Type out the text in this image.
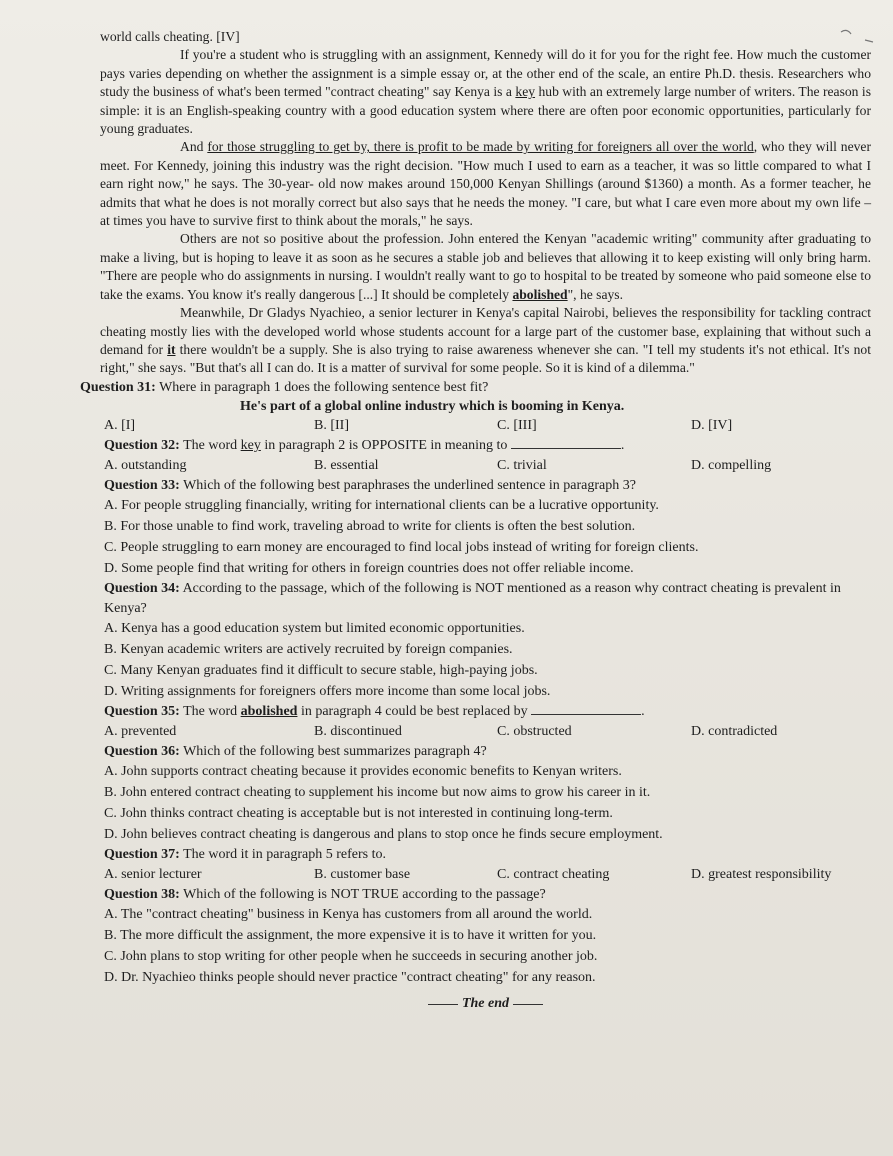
world calls cheating. [IV]

If you're a student who is struggling with an assignment, Kennedy will do it for you for the right fee. How much the customer pays varies depending on whether the assignment is a simple essay or, at the other end of the scale, an entire Ph.D. thesis. Researchers who study the business of what's been termed "contract cheating" say Kenya is a key hub with an extremely large number of writers. The reason is simple: it is an English-speaking country with a good education system where there are often poor economic opportunities, particularly for young graduates.

And for those struggling to get by, there is profit to be made by writing for foreigners all over the world, who they will never meet. For Kennedy, joining this industry was the right decision. "How much I used to earn as a teacher, it was so little compared to what I earn right now," he says. The 30-year- old now makes around 150,000 Kenyan Shillings (around $1360) a month. As a former teacher, he admits that what he does is not morally correct but also says that he needs the money. "I care, but what I care even more about my own life – at times you have to survive first to think about the morals," he says.

Others are not so positive about the profession. John entered the Kenyan "academic writing" community after graduating to make a living, but is hoping to leave it as soon as he secures a stable job and believes that allowing it to keep existing will only bring harm. "There are people who do assignments in nursing. I wouldn't really want to go to hospital to be treated by someone who paid someone else to take the exams. You know it's really dangerous [...] It should be completely abolished", he says.

Meanwhile, Dr Gladys Nyachieo, a senior lecturer in Kenya's capital Nairobi, believes the responsibility for tackling contract cheating mostly lies with the developed world whose students account for a large part of the customer base, explaining that without such a demand for it there wouldn't be a supply. She is also trying to raise awareness whenever she can. "I tell my students it's not ethical. It's not right," she says. "But that's all I can do. It is a matter of survival for some people. So it is kind of a dilemma."

Question 31: Where in paragraph 1 does the following sentence best fit?
He's part of a global online industry which is booming in Kenya.
A. [I]	B. [II]	C. [III]	D. [IV]
Question 32: The word key in paragraph 2 is OPPOSITE in meaning to	.
A. outstanding	B. essential	C. trivial	D. compelling
Question 33: Which of the following best paraphrases the underlined sentence in paragraph 3?
A. For people struggling financially, writing for international clients can be a lucrative opportunity.
B. For those unable to find work, traveling abroad to write for clients is often the best solution.
C. People struggling to earn money are encouraged to find local jobs instead of writing for foreign clients.
D. Some people find that writing for others in foreign countries does not offer reliable income.
Question 34: According to the passage, which of the following is NOT mentioned as a reason why contract cheating is prevalent in Kenya?
A. Kenya has a good education system but limited economic opportunities.
B. Kenyan academic writers are actively recruited by foreign companies.
C. Many Kenyan graduates find it difficult to secure stable, high-paying jobs.
D. Writing assignments for foreigners offers more income than some local jobs.
Question 35: The word abolished in paragraph 4 could be best replaced by	.
A. prevented	B. discontinued	C. obstructed	D. contradicted
Question 36: Which of the following best summarizes paragraph 4?
A. John supports contract cheating because it provides economic benefits to Kenyan writers.
B. John entered contract cheating to supplement his income but now aims to grow his career in it.
C. John thinks contract cheating is acceptable but is not interested in continuing long-term.
D. John believes contract cheating is dangerous and plans to stop once he finds secure employment.
Question 37: The word it in paragraph 5 refers to.
A. senior lecturer	B. customer base	C. contract cheating	D. greatest responsibility
Question 38: Which of the following is NOT TRUE according to the passage?
A. The "contract cheating" business in Kenya has customers from all around the world.
B. The more difficult the assignment, the more expensive it is to have it written for you.
C. John plans to stop writing for other people when he succeeds in securing another job.
D. Dr. Nyachieo thinks people should never practice "contract cheating" for any reason.
The end
